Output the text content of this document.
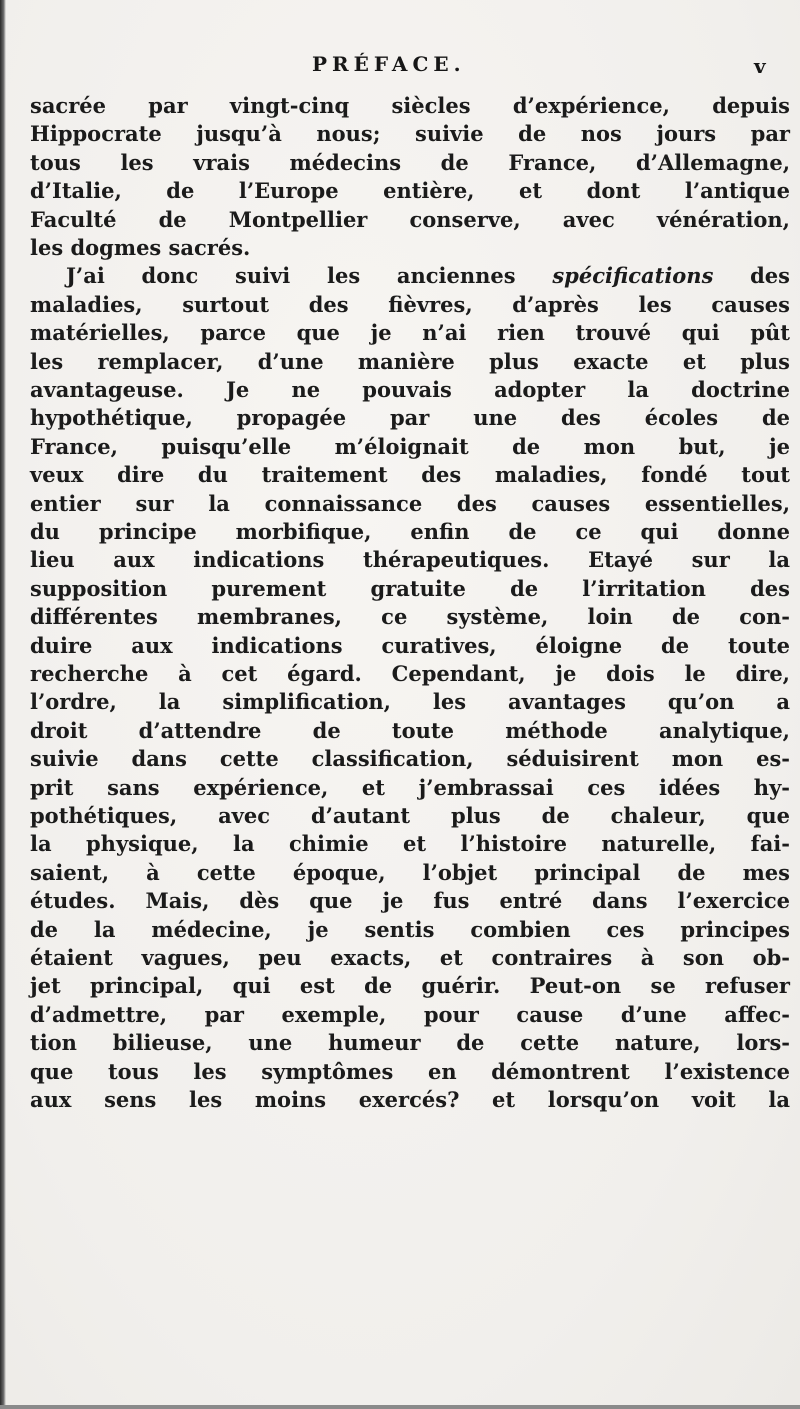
PRÉFACE.	v
sacrée par vingt-cinq siècles d’expérience, depuis
Hippocrate jusqu’à nous; suivie de nos jours par
tous les vrais médecins de France, d’Allemagne,
d’Italie, de l’Europe entière, et dont l’antique
Faculté de Montpellier conserve, avec vénération,
les dogmes sacrés.
J’ai donc suivi les anciennes spécifications des
maladies, surtout des fièvres, d’après les causes
matérielles, parce que je n’ai rien trouvé qui pût
les remplacer, d’une manière plus exacte et plus
avantageuse. Je ne pouvais adopter la doctrine
hypothétique, propagée par une des écoles de
France, puisqu’elle m’éloignait de mon but, je
veux dire du traitement des maladies, fondé tout
entier sur la connaissance des causes essentielles,
du principe morbifique, enfin de ce qui donne
lieu aux indications thérapeutiques. Etayé sur la
supposition purement gratuite de l’irritation des
différentes membranes, ce système, loin de con-
duire aux indications curatives, éloigne de toute
recherche à cet égard. Cependant, je dois le dire,
l’ordre, la simplification, les avantages qu’on a
droit d’attendre de toute méthode analytique,
suivie dans cette classification, séduisirent mon es-
prit sans expérience, et j’embrassai ces idées hy-
pothétiques, avec d’autant plus de chaleur, que
la physique, la chimie et l’histoire naturelle, fai-
saient, à cette époque, l’objet principal de mes
études. Mais, dès que je fus entré dans l’exercice
de la médecine, je sentis combien ces principes
étaient vagues, peu exacts, et contraires à son ob-
jet principal, qui est de guérir. Peut-on se refuser
d’admettre, par exemple, pour cause d’une affec-
tion bilieuse, une humeur de cette nature, lors-
que tous les symptômes en démontrent l’existence
aux sens les moins exercés? et lorsqu’on voit la
